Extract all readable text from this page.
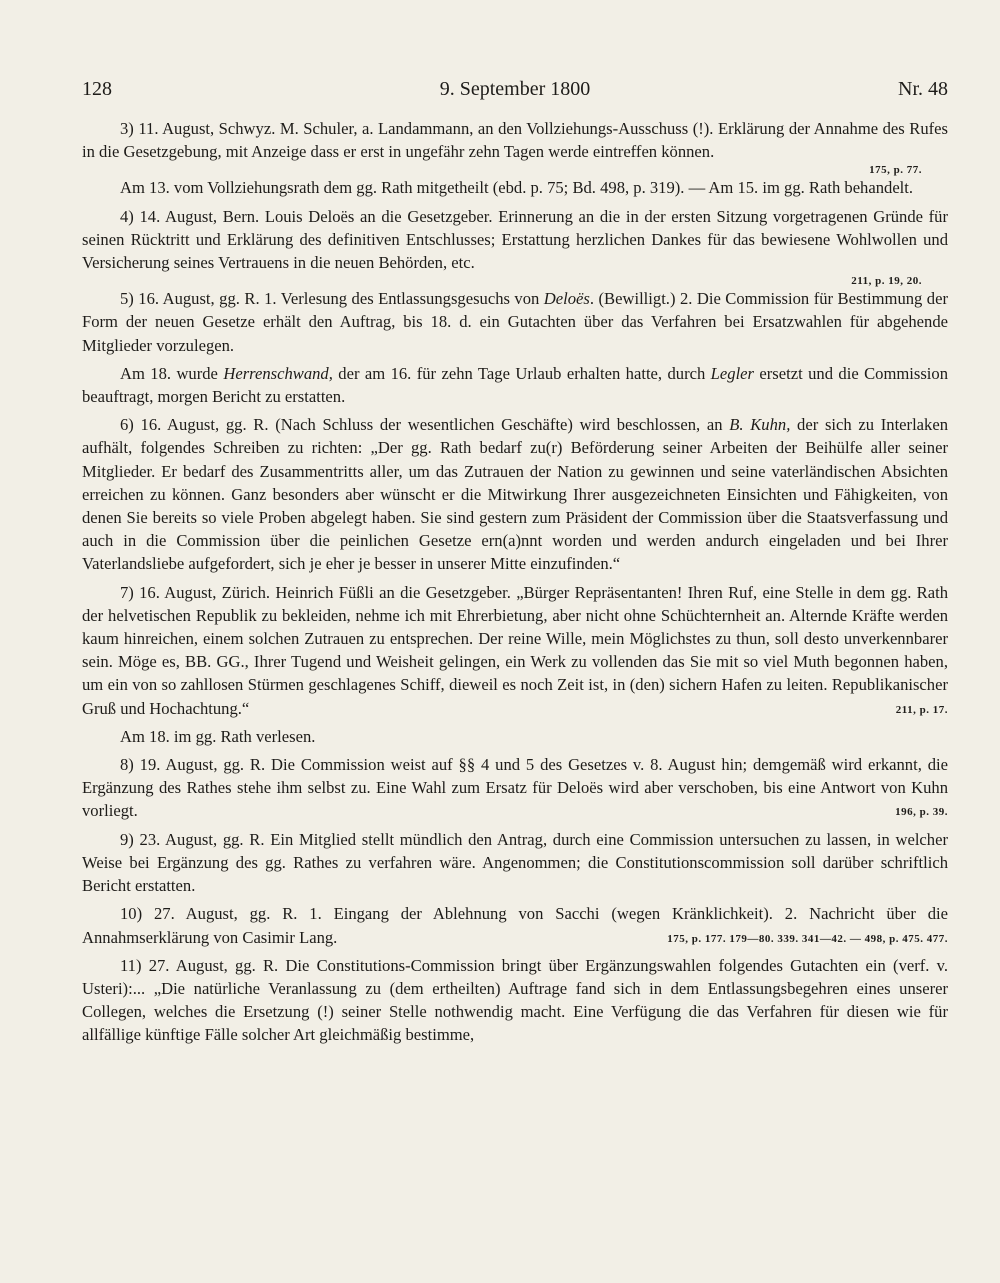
128	9. September 1800	Nr. 48

3) 11. August, Schwyz. M. Schuler, a. Landammann, an den Vollziehungs-Ausschuss (!). Erklärung der Annahme des Rufes in die Gesetzgebung, mit Anzeige dass er erst in ungefähr zehn Tagen werde eintreffen können.

175, p. 77.

Am 13. vom Vollziehungsrath dem gg. Rath mitgetheilt (ebd. p. 75; Bd. 498, p. 319). — Am 15. im gg. Rath behandelt.

4) 14. August, Bern. Louis Deloës an die Gesetzgeber. Erinnerung an die in der ersten Sitzung vorgetragenen Gründe für seinen Rücktritt und Erklärung des definitiven Entschlusses; Erstattung herzlichen Dankes für das bewiesene Wohlwollen und Versicherung seines Vertrauens in die neuen Behörden, etc.

211, p. 19, 20.

5) 16. August, gg. R. 1. Verlesung des Entlassungsgesuchs von Deloës. (Bewilligt.) 2. Die Commission für Bestimmung der Form der neuen Gesetze erhält den Auftrag, bis 18. d. ein Gutachten über das Verfahren bei Ersatzwahlen für abgehende Mitglieder vorzulegen.

Am 18. wurde Herrenschwand, der am 16. für zehn Tage Urlaub erhalten hatte, durch Legler ersetzt und die Commission beauftragt, morgen Bericht zu erstatten.

6) 16. August, gg. R. (Nach Schluss der wesentlichen Geschäfte) wird beschlossen, an B. Kuhn, der sich zu Interlaken aufhält, folgendes Schreiben zu richten: „Der gg. Rath bedarf zu(r) Beförderung seiner Arbeiten der Beihülfe aller seiner Mitglieder. Er bedarf des Zusammentritts aller, um das Zutrauen der Nation zu gewinnen und seine vaterländischen Absichten erreichen zu können. Ganz besonders aber wünscht er die Mitwirkung Ihrer ausgezeichneten Einsichten und Fähigkeiten, von denen Sie bereits so viele Proben abgelegt haben. Sie sind gestern zum Präsident der Commission über die Staatsverfassung und auch in die Commission über die peinlichen Gesetze ern(a)nnt worden und werden andurch eingeladen und bei Ihrer Vaterlandsliebe aufgefordert, sich je eher je besser in unserer Mitte einzufinden.“

7) 16. August, Zürich. Heinrich Füßli an die Gesetzgeber. „Bürger Repräsentanten! Ihren Ruf, eine Stelle in dem gg. Rath der helvetischen Republik zu bekleiden, nehme ich mit Ehrerbietung, aber nicht ohne Schüchternheit an. Alternde Kräfte werden kaum hinreichen, einem solchen Zutrauen zu entsprechen. Der reine Wille, mein Möglichstes zu thun, soll desto unverkennbarer sein. Möge es, BB. GG., Ihrer Tugend und Weisheit gelingen, ein Werk zu vollenden das Sie mit so viel Muth begonnen haben, um ein von so zahllosen Stürmen geschlagenes Schiff, dieweil es noch Zeit ist, in (den) sichern Hafen zu leiten. Republikanischer Gruß und Hochachtung.“	211, p. 17.

Am 18. im gg. Rath verlesen.

8) 19. August, gg. R. Die Commission weist auf §§ 4 und 5 des Gesetzes v. 8. August hin; demgemäß wird erkannt, die Ergänzung des Rathes stehe ihm selbst zu. Eine Wahl zum Ersatz für Deloës wird aber verschoben, bis eine Antwort von Kuhn vorliegt.	196, p. 39.

9) 23. August, gg. R. Ein Mitglied stellt mündlich den Antrag, durch eine Commission untersuchen zu lassen, in welcher Weise bei Ergänzung des gg. Rathes zu verfahren wäre. Angenommen; die Constitutionscommission soll darüber schriftlich Bericht erstatten.

10) 27. August, gg. R. 1. Eingang der Ablehnung von Sacchi (wegen Kränklichkeit). 2. Nachricht über die Annahmserklärung von Casimir Lang.	175, p. 177. 179—80. 339. 341—42. — 498, p. 475. 477.

11) 27. August, gg. R. Die Constitutions-Commission bringt über Ergänzungswahlen folgendes Gutachten ein (verf. v. Usteri):... „Die natürliche Veranlassung zu (dem ertheilten) Auftrage fand sich in dem Entlassungsbegehren eines unserer Collegen, welches die Ersetzung (!) seiner Stelle nothwendig macht. Eine Verfügung die das Verfahren für diesen wie für allfällige künftige Fälle solcher Art gleichmäßig bestimme,
